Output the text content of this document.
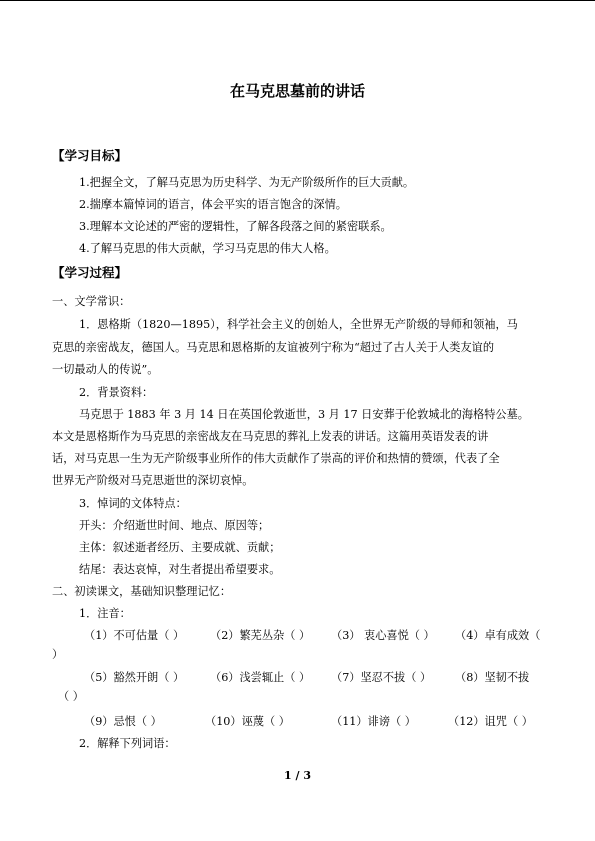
在马克思墓前的讲话
【学习目标】
1.把握全文，了解马克思为历史科学、为无产阶级所作的巨大贡献。
2.揣摩本篇悼词的语言，体会平实的语言饱含的深情。
3.理解本文论述的严密的逻辑性，了解各段落之间的紧密联系。
4.了解马克思的伟大贡献，学习马克思的伟大人格。
【学习过程】
一、文学常识：
1．恩格斯（1820—1895），科学社会主义的创始人，全世界无产阶级的导师和领袖，马
克思的亲密战友，德国人。马克思和恩格斯的友谊被列宁称为“超过了古人关于人类友谊的
一切最动人的传说”。
2．背景资料：
马克思于 1883 年 3 月 14 日在英国伦敦逝世，3 月 17 日安葬于伦敦城北的海格特公墓。
本文是恩格斯作为马克思的亲密战友在马克思的葬礼上发表的讲话。这篇用英语发表的讲
话，对马克思一生为无产阶级事业所作的伟大贡献作了崇高的评价和热情的赞颂，代表了全
世界无产阶级对马克思逝世的深切哀悼。
3．悼词的文体特点：
开头：介绍逝世时间、地点、原因等；
主体：叙述逝者经历、主要成就、贡献；
结尾：表达哀悼，对生者提出希望要求。
二、初读课文，基础知识整理记忆：
1．注音：
（1）不可估量（ ） （2）繁芜丛杂（ ） （3） 衷心喜悦（ ） （4）卓有成效（
）
（5）豁然开朗（ ） （6）浅尝辄止（ ） （7）坚忍不拔（ ） （8）坚韧不拔
（ ）
（9）忌恨（ ）	（10）诬蔑（ ）	（11）诽谤（ ）	（12）诅咒（ ）
2．解释下列词语：
1 / 3
